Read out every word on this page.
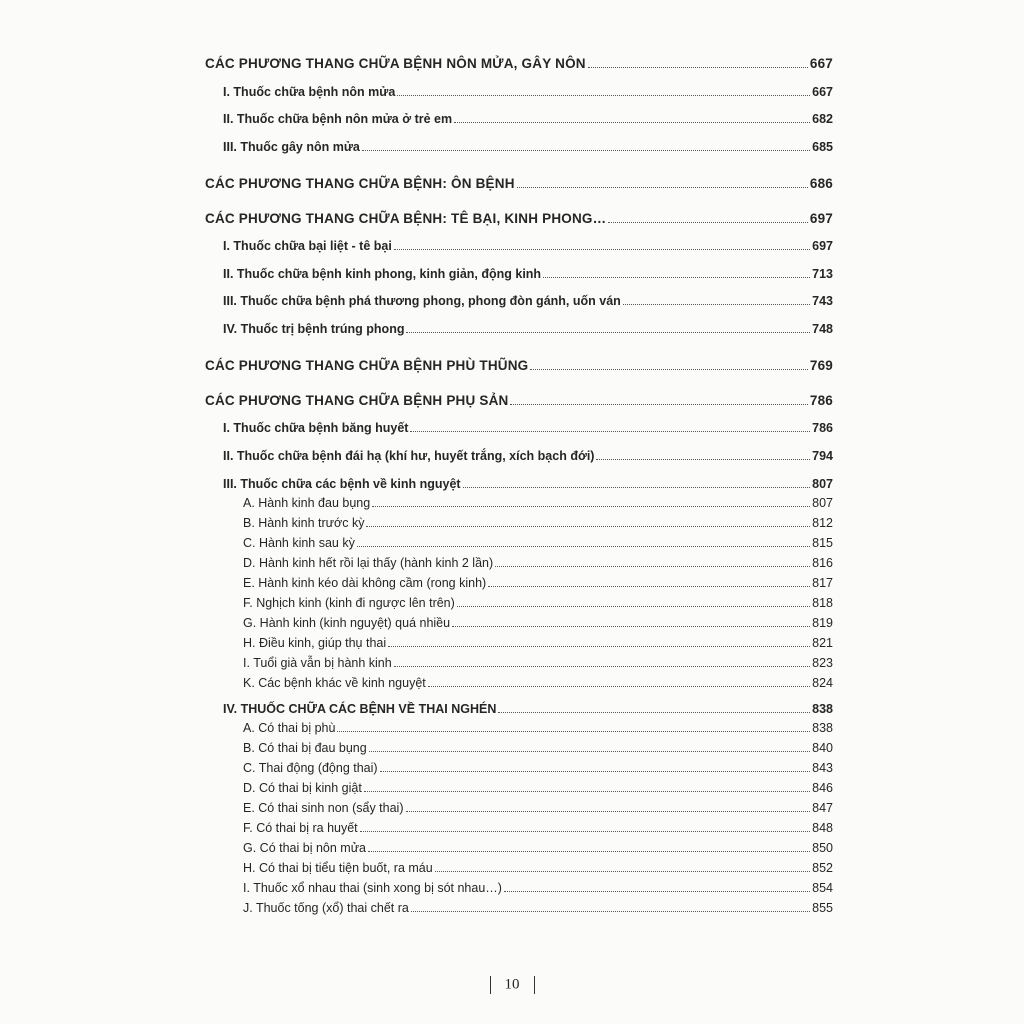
CÁC PHƯƠNG THANG CHỮA BỆNH NÔN MỬA, GÂY NÔN	667
I. Thuốc chữa bệnh nôn mửa	667
II. Thuốc chữa bệnh nôn mửa ở trẻ em	682
III. Thuốc gây nôn mửa	685
CÁC PHƯƠNG THANG CHỮA BỆNH: ÔN BỆNH	686
CÁC PHƯƠNG THANG CHỮA BỆNH: TÊ BẠI, KINH PHONG…	697
I. Thuốc chữa bại liệt - tê bại	697
II. Thuốc chữa bệnh kinh phong, kinh giản, động kinh	713
III. Thuốc chữa bệnh phá thương phong, phong đòn gánh, uốn ván	743
IV. Thuốc trị bệnh trúng phong	748
CÁC PHƯƠNG THANG CHỮA BỆNH PHÙ THŨNG	769
CÁC PHƯƠNG THANG CHỮA BỆNH PHỤ SẢN	786
I. Thuốc chữa bệnh băng huyết	786
II. Thuốc chữa bệnh đái hạ (khí hư, huyết trắng, xích bạch đới)	794
III. Thuốc chữa các bệnh về kinh nguyệt	807
A. Hành kinh đau bụng	807
B. Hành kinh trước kỳ	812
C. Hành kinh sau kỳ	815
D. Hành kinh hết rồi lại thấy (hành kinh 2 lần)	816
E. Hành kinh kéo dài không cầm (rong kinh)	817
F. Nghịch kinh (kinh đi ngược lên trên)	818
G. Hành kinh (kinh nguyệt) quá nhiều	819
H. Điều kinh, giúp thụ thai	821
I. Tuổi già vẫn bị hành kinh	823
K. Các bệnh khác về kinh nguyệt	824
IV. THUỐC CHỮA CÁC BỆNH VỀ THAI NGHÉN	838
A. Có thai bị phù	838
B. Có thai bị đau bụng	840
C. Thai động (động thai)	843
D. Có thai bị kinh giật	846
E. Có thai sinh non (sẩy thai)	847
F. Có thai bị ra huyết	848
G. Có thai bị nôn mửa	850
H. Có thai bị tiểu tiện buốt, ra máu	852
I. Thuốc xổ nhau thai (sinh xong bị sót nhau…)	854
J. Thuốc tống (xổ) thai chết ra	855
10
